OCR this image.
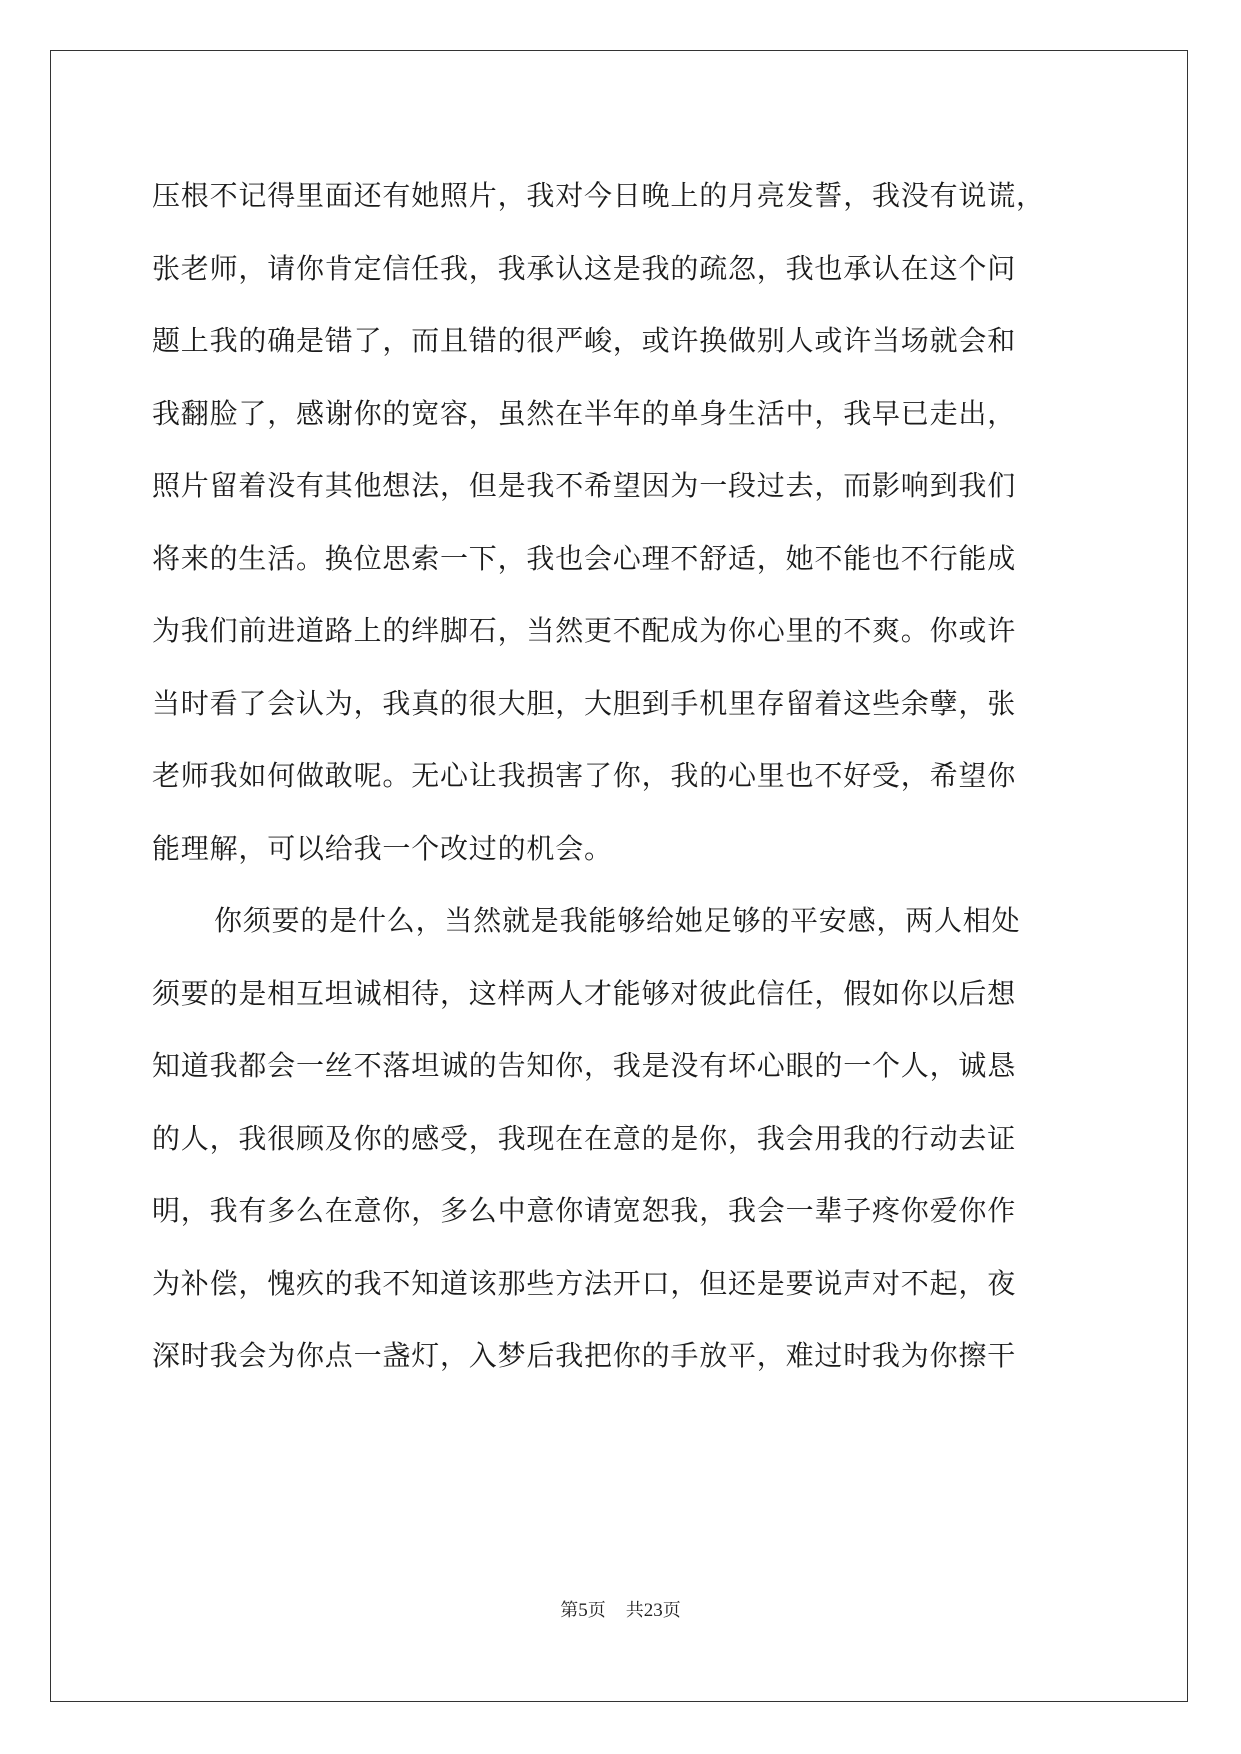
压根不记得里面还有她照片，我对今日晚上的月亮发誓，我没有说谎，
张老师，请你肯定信任我，我承认这是我的疏忽，我也承认在这个问
题上我的确是错了，而且错的很严峻，或许换做别人或许当场就会和
我翻脸了，感谢你的宽容，虽然在半年的单身生活中，我早已走出，
照片留着没有其他想法，但是我不希望因为一段过去，而影响到我们
将来的生活。换位思索一下，我也会心理不舒适，她不能也不行能成
为我们前进道路上的绊脚石，当然更不配成为你心里的不爽。你或许
当时看了会认为，我真的很大胆，大胆到手机里存留着这些余孽，张
老师我如何做敢呢。无心让我损害了你，我的心里也不好受，希望你
能理解，可以给我一个改过的机会。
你须要的是什么，当然就是我能够给她足够的平安感，两人相处
须要的是相互坦诚相待，这样两人才能够对彼此信任，假如你以后想
知道我都会一丝不落坦诚的告知你，我是没有坏心眼的一个人，诚恳
的人，我很顾及你的感受，我现在在意的是你，我会用我的行动去证
明，我有多么在意你，多么中意你请宽恕我，我会一辈子疼你爱你作
为补偿，愧疚的我不知道该那些方法开口，但还是要说声对不起，夜
深时我会为你点一盏灯，入梦后我把你的手放平，难过时我为你擦干
第5页 共23页
